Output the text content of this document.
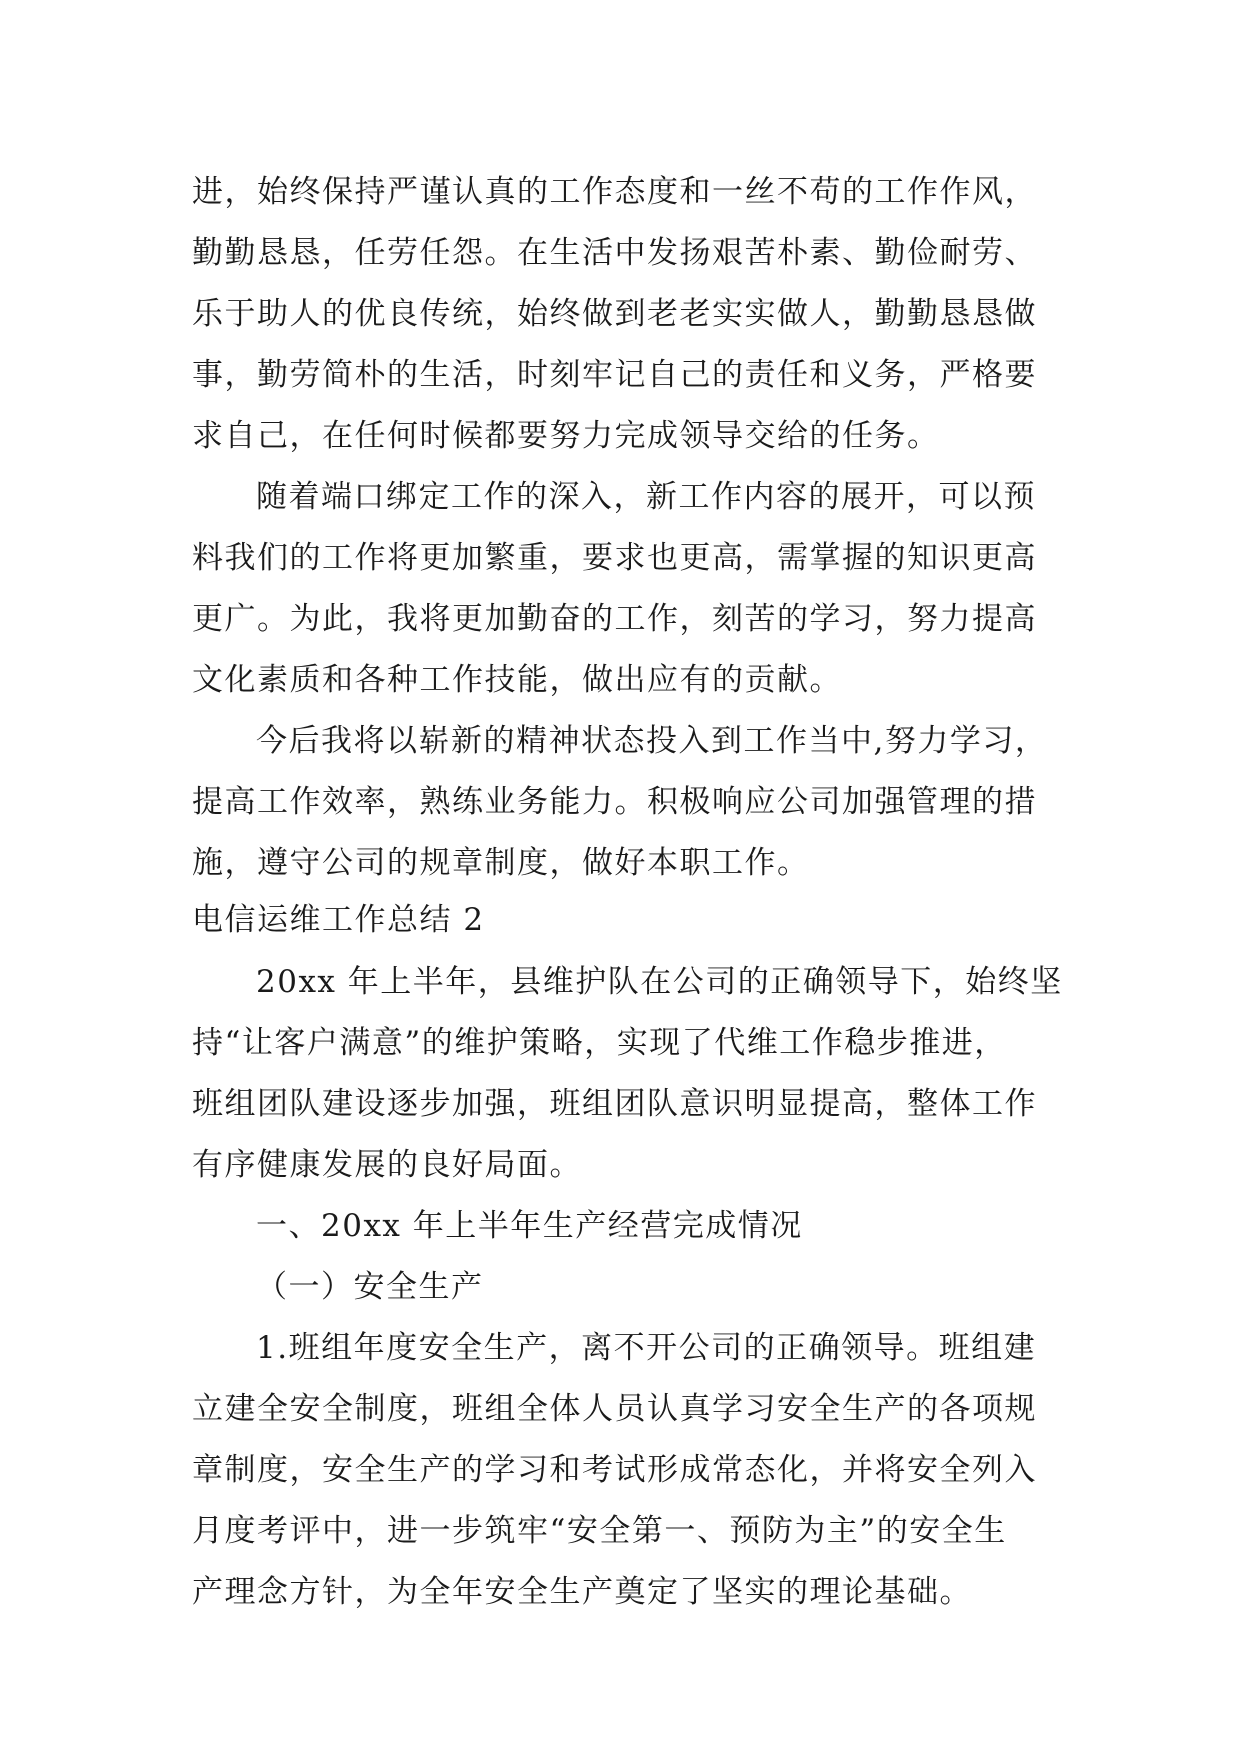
进，始终保持严谨认真的工作态度和一丝不苟的工作作风，
勤勤恳恳，任劳任怨。在生活中发扬艰苦朴素、勤俭耐劳、
乐于助人的优良传统，始终做到老老实实做人，勤勤恳恳做
事，勤劳简朴的生活，时刻牢记自己的责任和义务，严格要
求自己，在任何时候都要努力完成领导交给的任务。
随着端口绑定工作的深入，新工作内容的展开，可以预
料我们的工作将更加繁重，要求也更高，需掌握的知识更高
更广。为此，我将更加勤奋的工作，刻苦的学习，努力提高
文化素质和各种工作技能，做出应有的贡献。
今后我将以崭新的精神状态投入到工作当中,努力学习，
提高工作效率，熟练业务能力。积极响应公司加强管理的措
施，遵守公司的规章制度，做好本职工作。
电信运维工作总结 2
20xx 年上半年，县维护队在公司的正确领导下，始终坚
持“让客户满意”的维护策略，实现了代维工作稳步推进，
班组团队建设逐步加强，班组团队意识明显提高，整体工作
有序健康发展的良好局面。
一、20xx 年上半年生产经营完成情况
（一）安全生产
1.班组年度安全生产，离不开公司的正确领导。班组建
立建全安全制度，班组全体人员认真学习安全生产的各项规
章制度，安全生产的学习和考试形成常态化，并将安全列入
月度考评中，进一步筑牢“安全第一、预防为主”的安全生
产理念方针，为全年安全生产奠定了坚实的理论基础。
